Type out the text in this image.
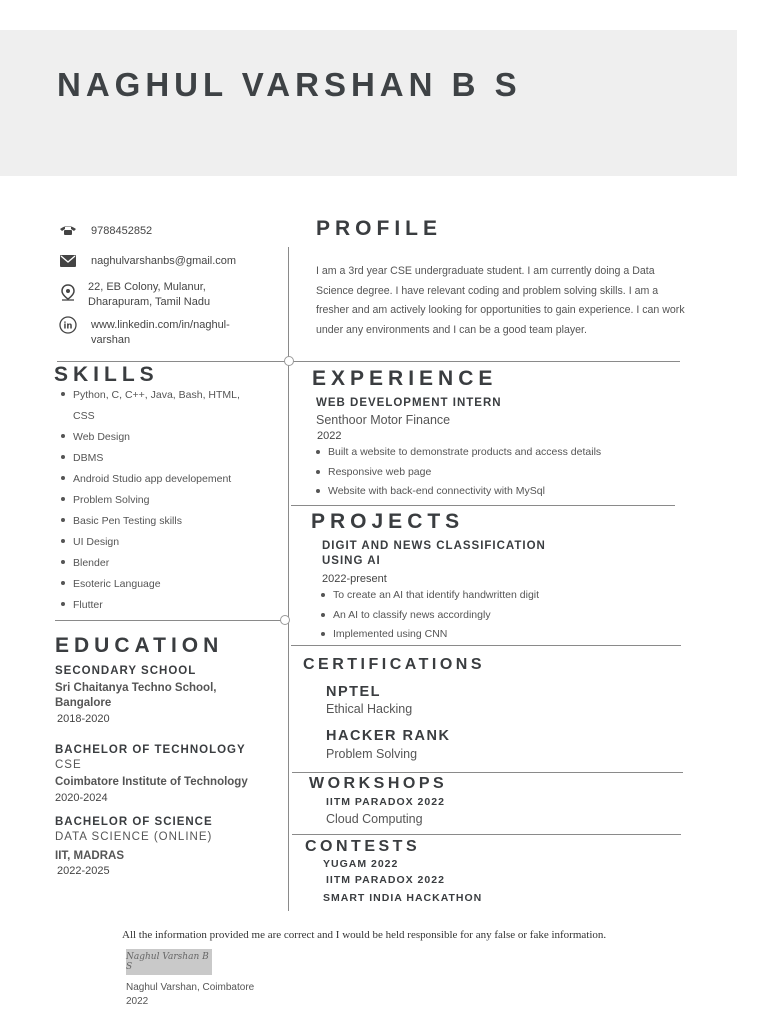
NAGHUL VARSHAN B S
9788452852
naghulvarshanbs@gmail.com
22, EB Colony, Mulanur,
Dharapuram, Tamil Nadu
in www.linkedin.com/in/naghul-
varshan
PROFILE
I am a 3rd year CSE undergraduate student. I am currently doing a Data Science degree. I have relevant coding and problem solving skills. I am a fresher and am actively looking for opportunities to gain experience. I can work under any environments and I can be a good team player.
SKILLS
Python, C, C++, Java, Bash, HTML, CSS
Web Design
DBMS
Android Studio app developement
Problem Solving
Basic Pen Testing skills
UI Design
Blender
Esoteric Language
Flutter
EDUCATION
SECONDARY SCHOOL
Sri Chaitanya Techno School,
Bangalore
2018-2020
BACHELOR OF TECHNOLOGY
CSE
Coimbatore Institute of Technology
2020-2024
BACHELOR OF SCIENCE
DATA SCIENCE (ONLINE)
IIT, MADRAS
2022-2025
EXPERIENCE
WEB DEVELOPMENT INTERN
Senthoor Motor Finance
2022
Built a website to demonstrate products and access details
Responsive web page
Website with back-end connectivity with MySql
PROJECTS
DIGIT AND NEWS CLASSIFICATION
USING AI
2022-present
To create an AI that identify handwritten digit
An AI to classify news accordingly
Implemented using CNN
CERTIFICATIONS
NPTEL
Ethical Hacking
HACKER RANK
Problem Solving
WORKSHOPS
IITM PARADOX 2022
Cloud Computing
CONTESTS
YUGAM 2022
IITM PARADOX 2022
SMART INDIA HACKATHON
All the information provided me are correct and I would be held responsible for any false or fake information.
Naghul Varshan B S
Naghul Varshan, Coimbatore
2022
